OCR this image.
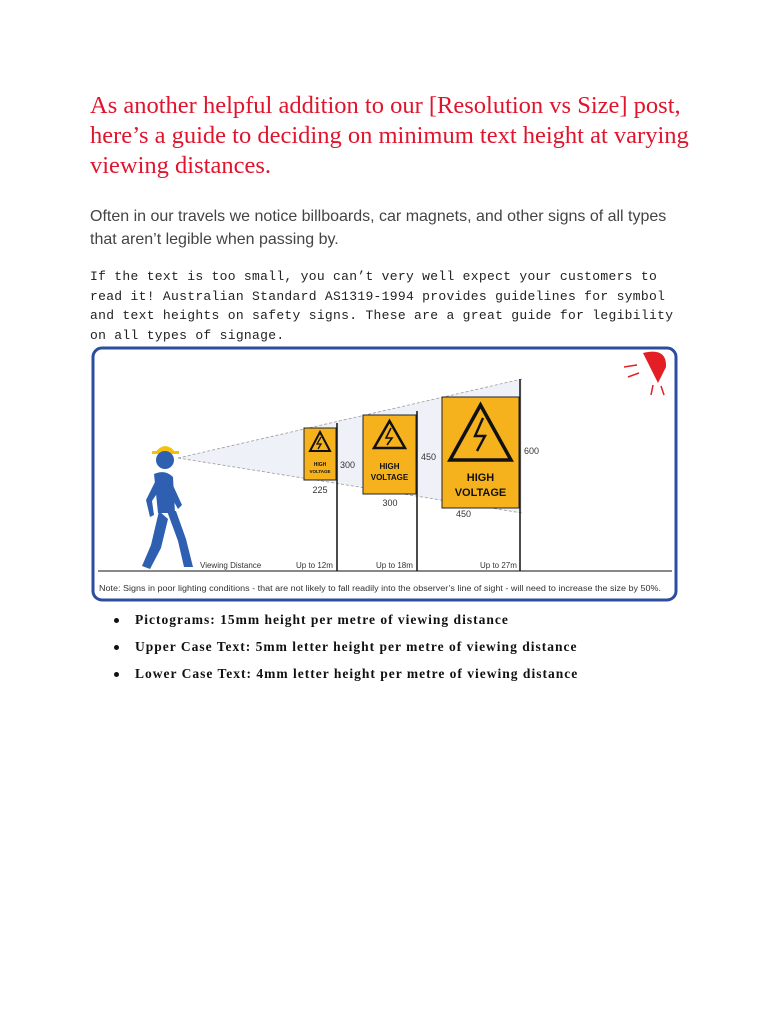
As another helpful addition to our [Resolution vs Size] post, here’s a guide to deciding on minimum text height at varying viewing distances.

Often in our travels we notice billboards, car magnets, and other signs of all types that aren’t legible when passing by.

If the text is too small, you can’t very well expect your customers to read it! Australian Standard AS1319-1994 provides guidelines for symbol and text heights on safety signs. These are a great guide for legibility on all types of signage.

HIGH
VOLTAGE
300
225
HIGH
VOLTAGE
450
300
HIGH
VOLTAGE
600
450
Viewing Distance	Up to 12m	Up to 18m	Up to 27m
Note: Signs in poor lighting conditions - that are not likely to fall readily into the observer’s line of sight - will need to increase the size by 50%.
Pictograms: 15mm height per metre of viewing distance
Upper Case Text: 5mm letter height per metre of viewing distance
Lower Case Text: 4mm letter height per metre of viewing distance
